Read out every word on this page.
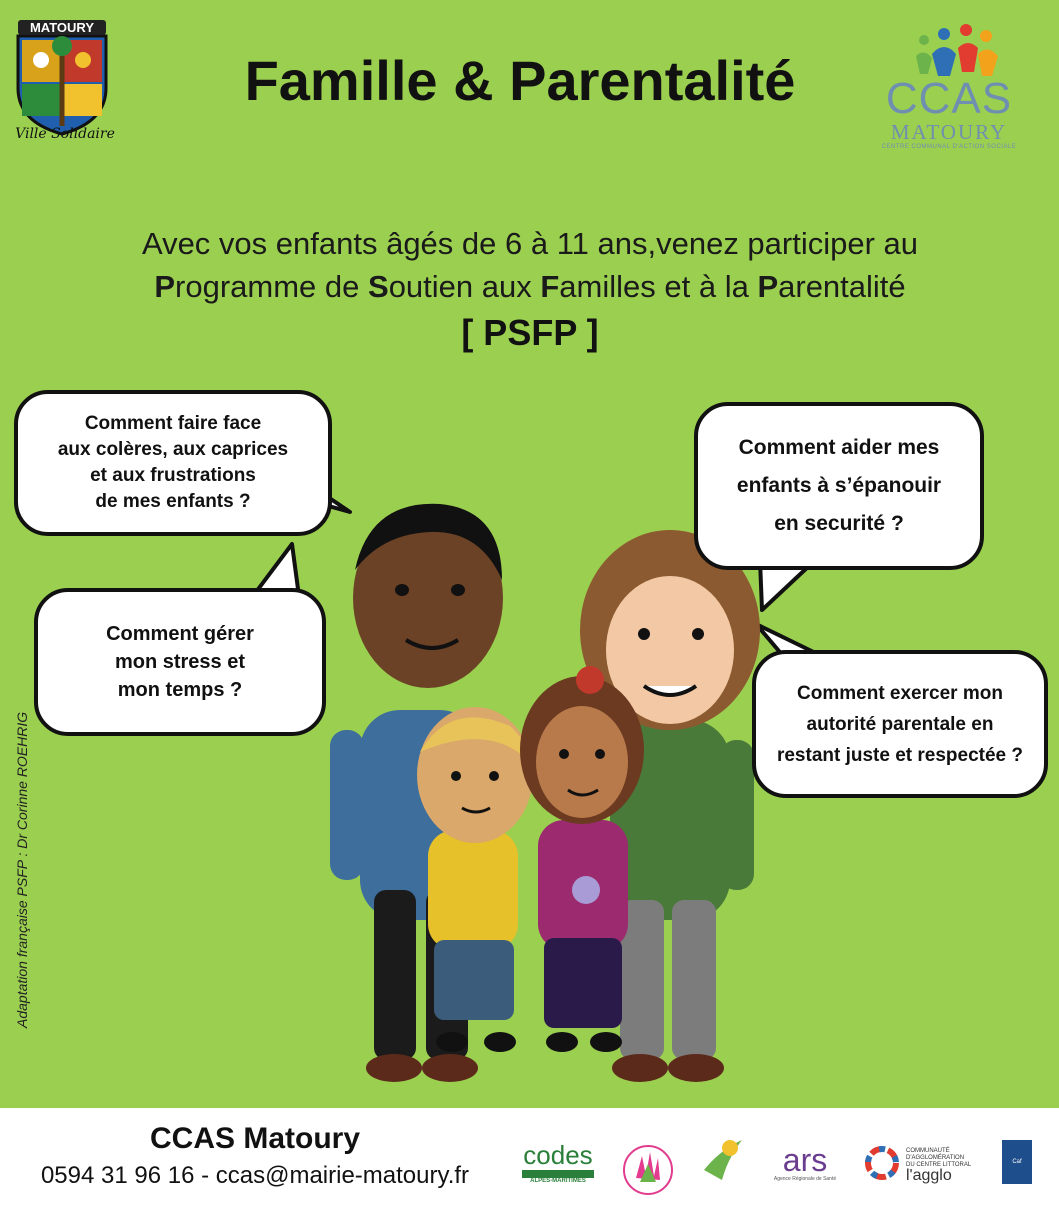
MATOURY
Ville Solidaire
Famille & Parentalité	CCAS
MATOURY
CENTRE COMMUNAL D'ACTION SOCIALE
Avec vos enfants âgés de 6 à 11 ans,venez participer au
Programme de Soutien aux Familles et à la Parentalité
[ PSFP ]
Comment faire face
aux colères, aux caprices
et aux frustrations
de mes enfants ?
Comment gérer
mon stress et
mon temps ?
Comment aider mes
enfants à s’épanouir
en securité ?
Comment exercer mon
autorité parentale en
restant juste et respectée ?
Adaptation française PSFP : Dr Corinne ROEHRIG
CCAS Matoury
0594 31 96 16 - ccas@mairie-matoury.fr
codes
ALPES-MARITIMES
ars
Agence Régionale de Santé
COMMUNAUTÉ D'AGGLOMÉRATION DU CENTRE LITTORAL
l'agglo
Caf
